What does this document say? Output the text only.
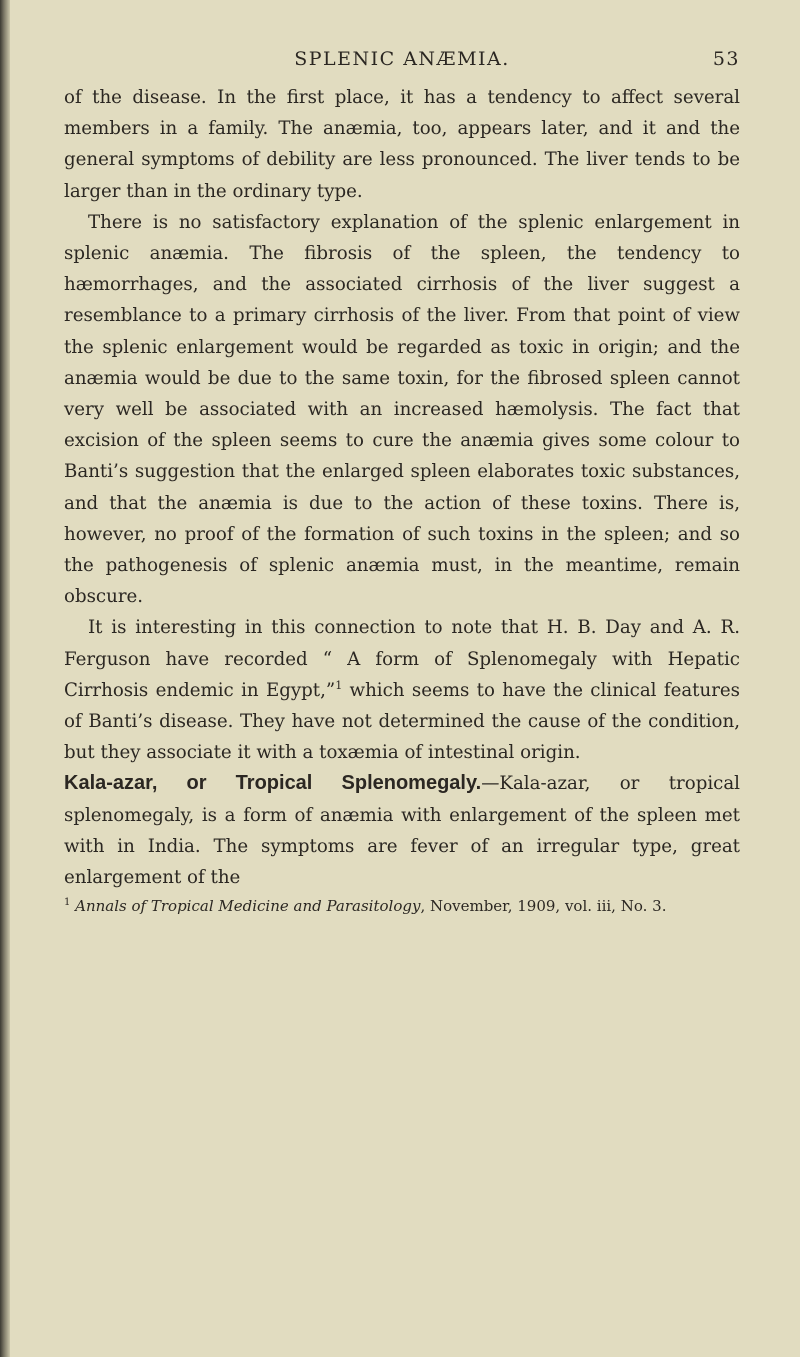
SPLENIC ANÆMIA.	53

of the disease. In the first place, it has a tendency to affect several members in a family. The anæmia, too, appears later, and it and the general symptoms of debility are less pronounced. The liver tends to be larger than in the ordinary type.

There is no satisfactory explanation of the splenic enlargement in splenic anæmia. The fibrosis of the spleen, the tendency to hæmorrhages, and the associated cirrhosis of the liver suggest a resemblance to a primary cirrhosis of the liver. From that point of view the splenic enlargement would be regarded as toxic in origin; and the anæmia would be due to the same toxin, for the fibrosed spleen cannot very well be associated with an increased hæmolysis. The fact that excision of the spleen seems to cure the anæmia gives some colour to Banti’s suggestion that the enlarged spleen elaborates toxic substances, and that the anæmia is due to the action of these toxins. There is, however, no proof of the formation of such toxins in the spleen; and so the pathogenesis of splenic anæmia must, in the meantime, remain obscure.

It is interesting in this connection to note that H. B. Day and A. R. Ferguson have recorded “ A form of Splenomegaly with Hepatic Cirrhosis endemic in Egypt,”$^1$ which seems to have the clinical features of Banti’s disease. They have not determined the cause of the condition, but they associate it with a toxæmia of intestinal origin.

Kala-azar, or Tropical Splenomegaly.—Kala-azar, or tropical splenomegaly, is a form of anæmia with enlargement of the spleen met with in India. The symptoms are fever of an irregular type, great enlargement of the

$^1$ Annals of Tropical Medicine and Parasitology, November, 1909, vol. iii, No. 3.
